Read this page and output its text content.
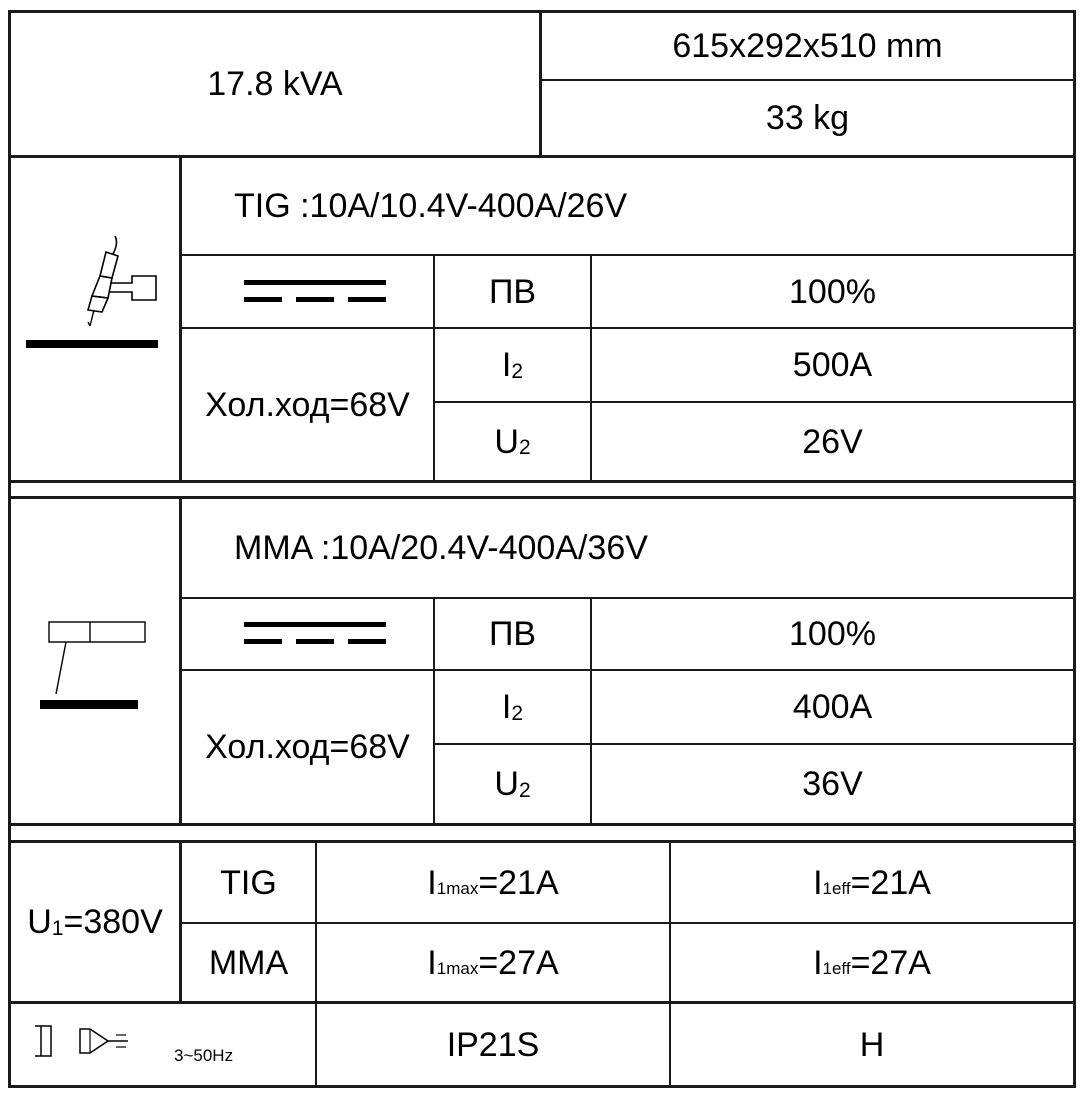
17.8 kVA
615x292x510 mm
33 kg
TIG :10A/10.4V-400A/26V
ПВ	100%
Хол.ход=68V
I 2	500A
U 2	26V
MMA :10A/20.4V-400A/36V
ПВ	100%
Хол.ход=68V
I 2	400A
U 2	36V
U 1 =380V
TIG	I 1max =21A	I 1eff =21A
MMA	I 1max =27A	I 1eff =27A
3~50Hz	IP21S	H
